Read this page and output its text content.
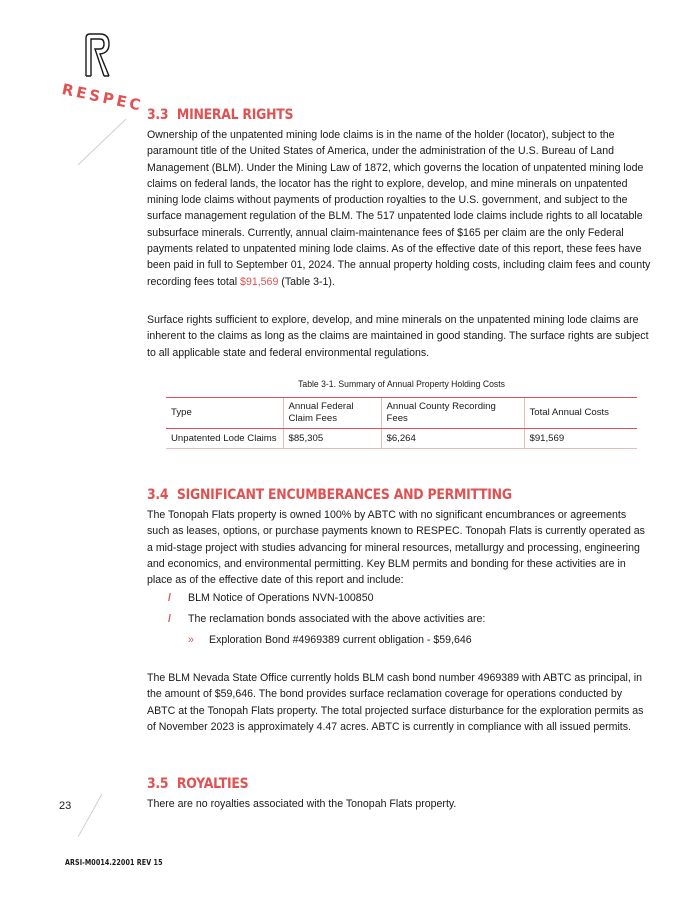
RESPEC
3.3 MINERAL RIGHTS

Ownership of the unpatented mining lode claims is in the name of the holder (locator), subject to the paramount title of the United States of America, under the administration of the U.S. Bureau of Land Management (BLM). Under the Mining Law of 1872, which governs the location of unpatented mining lode claims on federal lands, the locator has the right to explore, develop, and mine minerals on unpatented mining lode claims without payments of production royalties to the U.S. government, and subject to the surface management regulation of the BLM. The 517 unpatented lode claims include rights to all locatable subsurface minerals. Currently, annual claim-maintenance fees of $165 per claim are the only Federal payments related to unpatented mining lode claims. As of the effective date of this report, these fees have been paid in full to September 01, 2024. The annual property holding costs, including claim fees and county recording fees total $91,569 (Table 3-1).

Surface rights sufficient to explore, develop, and mine minerals on the unpatented mining lode claims are inherent to the claims as long as the claims are maintained in good standing. The surface rights are subject to all applicable state and federal environmental regulations.

Table 3-1. Summary of Annual Property Holding Costs
Type	Annual Federal Claim Fees	Annual County Recording Fees	Total Annual Costs
Unpatented Lode Claims	$85,305	$6,264	$91,569
3.4 SIGNIFICANT ENCUMBERANCES AND PERMITTING

The Tonopah Flats property is owned 100% by ABTC with no significant encumbrances or agreements such as leases, options, or purchase payments known to RESPEC. Tonopah Flats is currently operated as a mid-stage project with studies advancing for mineral resources, metallurgy and processing, engineering and economics, and environmental permitting. Key BLM permits and bonding for these activities are in place as of the effective date of this report and include:

/ BLM Notice of Operations NVN-100850
/ The reclamation bonds associated with the above activities are:
» Exploration Bond #4969389 current obligation - $59,646

The BLM Nevada State Office currently holds BLM cash bond number 4969389 with ABTC as principal, in the amount of $59,646. The bond provides surface reclamation coverage for operations conducted by ABTC at the Tonopah Flats property. The total projected surface disturbance for the exploration permits as of November 2023 is approximately 4.47 acres. ABTC is currently in compliance with all issued permits.

3.5 ROYALTIES

There are no royalties associated with the Tonopah Flats property.

23
ARSI-M0014.22001 REV 15
